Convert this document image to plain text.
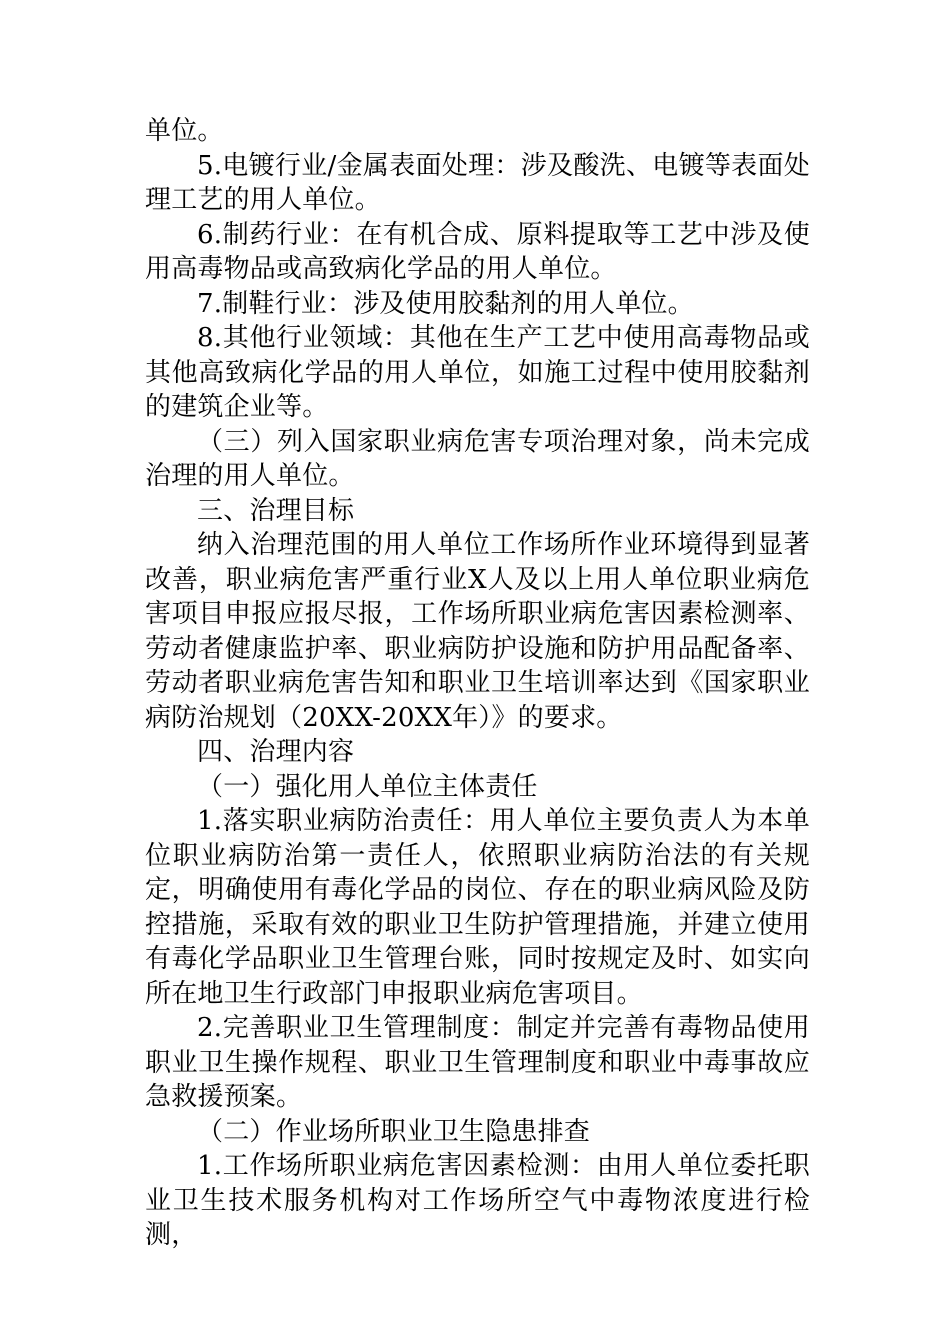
单位。

5.电镀行业/金属表面处理：涉及酸洗、电镀等表面处理工艺的用人单位。

6.制药行业：在有机合成、原料提取等工艺中涉及使用高毒物品或高致病化学品的用人单位。

7.制鞋行业：涉及使用胶黏剂的用人单位。

8.其他行业领域：其他在生产工艺中使用高毒物品或其他高致病化学品的用人单位，如施工过程中使用胶黏剂的建筑企业等。

（三）列入国家职业病危害专项治理对象，尚未完成治理的用人单位。

三、治理目标

纳入治理范围的用人单位工作场所作业环境得到显著改善，职业病危害严重行业X人及以上用人单位职业病危害项目申报应报尽报，工作场所职业病危害因素检测率、劳动者健康监护率、职业病防护设施和防护用品配备率、劳动者职业病危害告知和职业卫生培训率达到《国家职业病防治规划（20XX-20XX年）》的要求。

四、治理内容

（一）强化用人单位主体责任

1.落实职业病防治责任：用人单位主要负责人为本单位职业病防治第一责任人，依照职业病防治法的有关规定，明确使用有毒化学品的岗位、存在的职业病风险及防控措施，采取有效的职业卫生防护管理措施，并建立使用有毒化学品职业卫生管理台账，同时按规定及时、如实向所在地卫生行政部门申报职业病危害项目。

2.完善职业卫生管理制度：制定并完善有毒物品使用职业卫生操作规程、职业卫生管理制度和职业中毒事故应急救援预案。

（二）作业场所职业卫生隐患排查

1.工作场所职业病危害因素检测：由用人单位委托职业卫生技术服务机构对工作场所空气中毒物浓度进行检测，
